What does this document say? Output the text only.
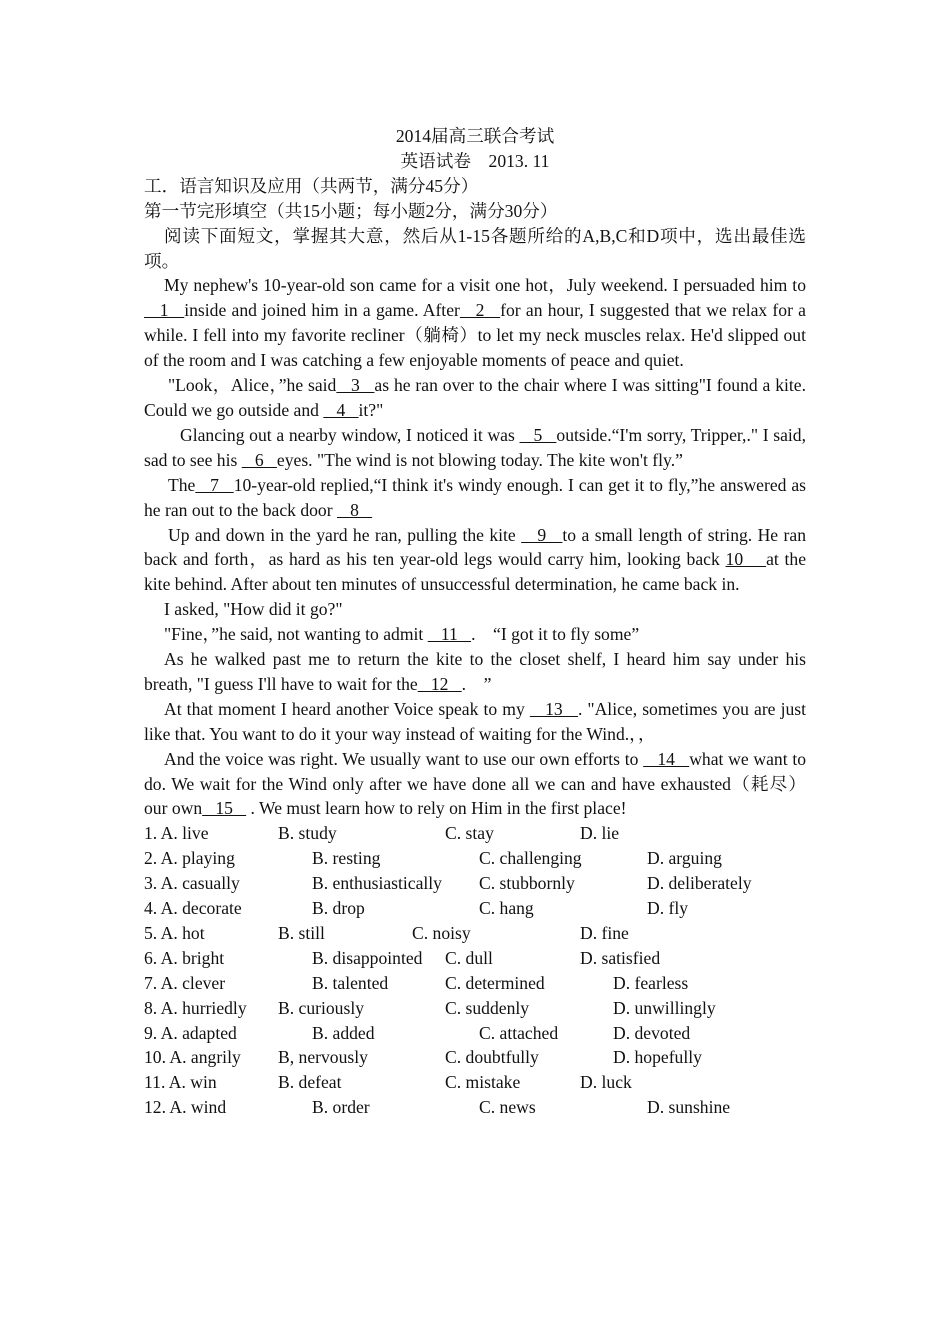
2014届高三联合考试
英语试卷　2013. 11
工．语言知识及应用（共两节，满分45分）
第一节完形填空（共15小题；每小题2分，满分30分）

阅读下面短文，掌握其大意，然后从1-15各题所给的A,B,C和D项中，选出最佳选项。

My nephew's 10-year-old son came for a visit one hot，July weekend. I persuaded him to   1   inside and joined him in a game. After   2   for an hour, I suggested that we relax for a while. I fell into my favorite recliner（躺椅）to let my neck muscles relax. He'd slipped out of the room and I was catching a few enjoyable moments of peace and quiet.

"Look，Alice，”he said   3   as he ran over to the chair where I was sitting"I found a kite. Could we go outside and    4   it?"

Glancing out a nearby window, I noticed it was    5   outside.“I'm sorry, Tripper,." I said, sad to see his    6   eyes. "The wind is not blowing today. The kite won't fly.”

The   7   10-year-old replied,“I think it's windy enough. I can get it to fly,”he answered as he ran out to the back door    8

Up and down in the yard he ran, pulling the kite    9   to a small length of string. He ran back and forth，as hard as his ten year-old legs would carry him, looking back 10    at the kite behind. After about ten minutes of unsuccessful determination, he came back in.

I asked, "How did it go?"

"Fine，”he said, not wanting to admit    11   .　“I got it to fly some”

As he walked past me to return the kite to the closet shelf, I heard him say under his breath, "I guess I'll have to wait for the   12   .　”

At that moment I heard another Voice speak to my    13   . "Alice, sometimes you are just like that. You want to do it your way instead of waiting for the Wind.，，

And the voice was right. We usually want to use our own efforts to    14   what we want to do. We wait for the Wind only after we have done all we can and have exhausted（耗尽）our own   15    . We must learn how to rely on Him in the first place!

1. A. live	B. study	C. stay	D. lie
2. A. playing	B. resting	C. challenging	D. arguing
3. A. casually	B. enthusiastically C. stubbornly	D. deliberately
4. A. decorate	B. drop	C. hang	D. fly
5. A. hot	B. still	C. noisy	D. fine
6. A. bright	B. disappointed C. dull	D. satisfied
7. A. clever	B. talented	C. determined	D. fearless
8. A. hurriedly B. curiously	C. suddenly	D. unwillingly
9. A. adapted	B. added	C. attached	D. devoted
10. A. angrily B, nervously	C. doubtfully	D. hopefully
11. A. win	B. defeat	C. mistake	D. luck
12. A. wind	B. order	C. news	D. sunshine
